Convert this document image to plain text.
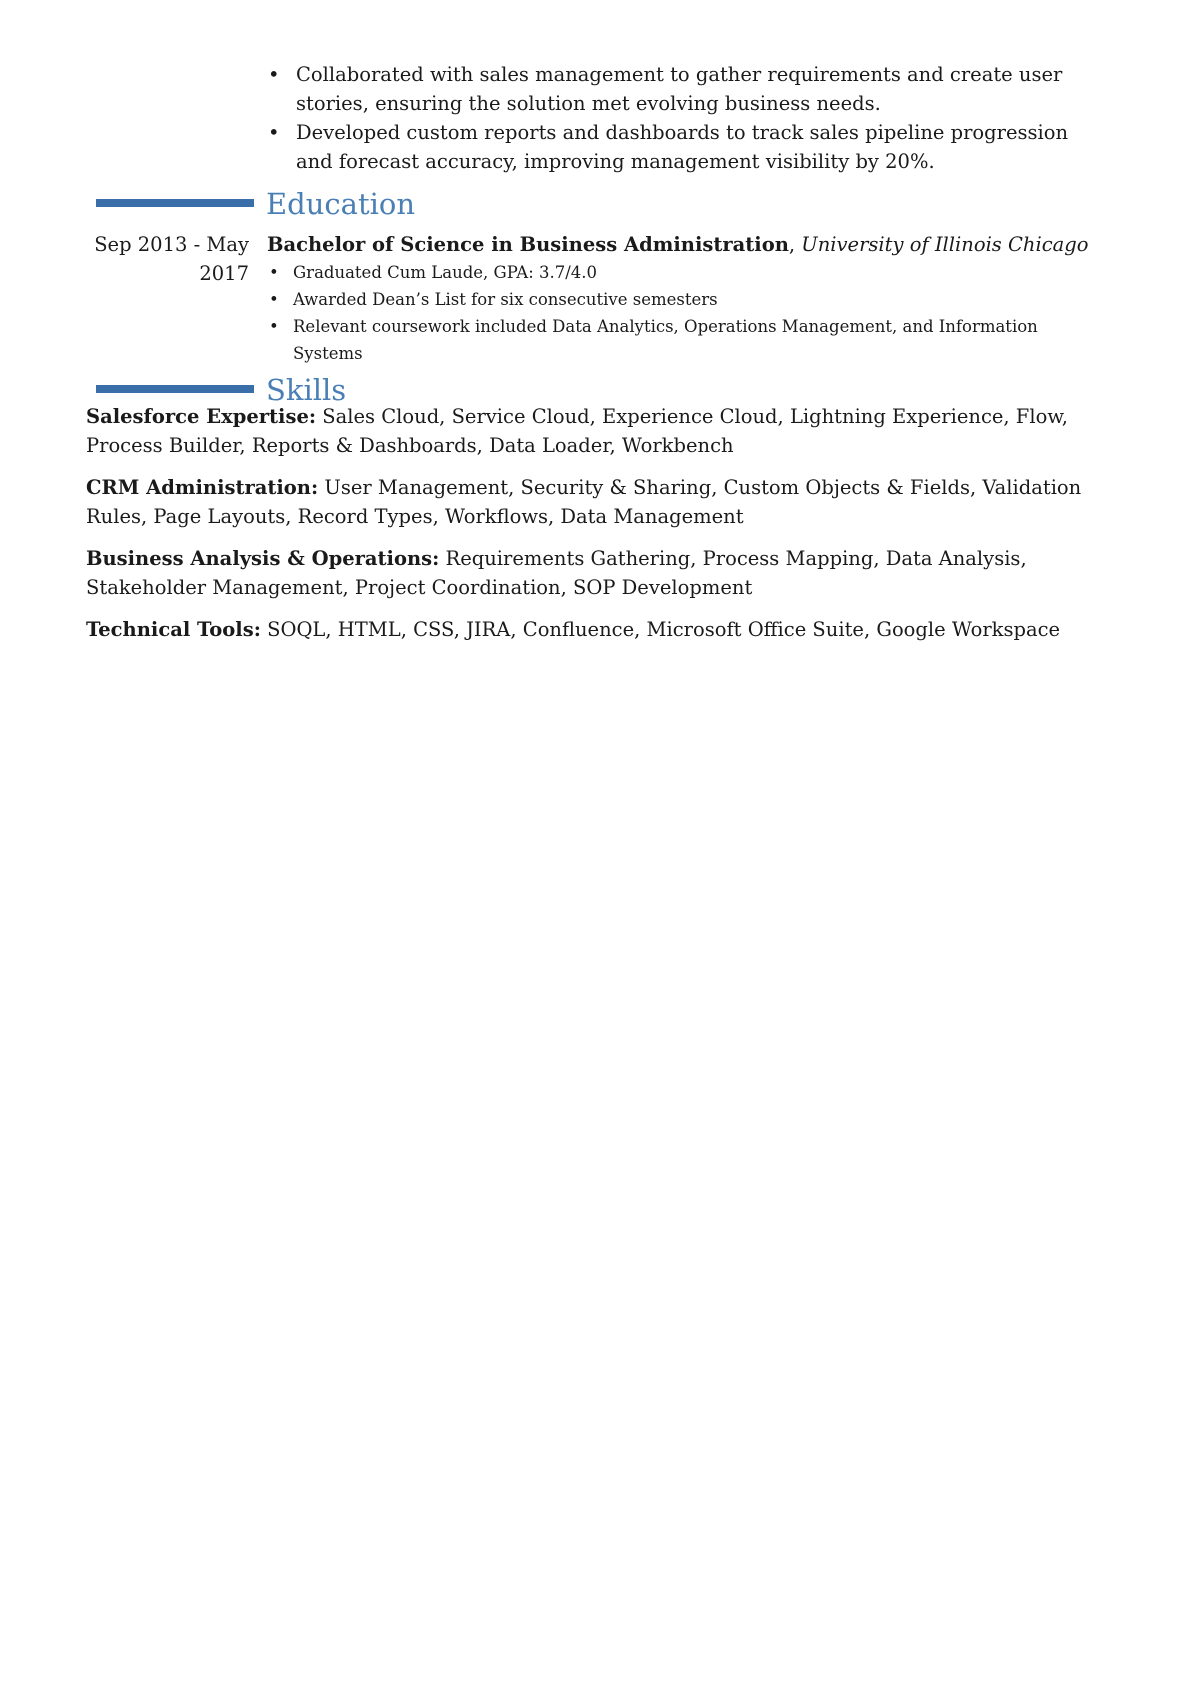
• Collaborated with sales management to gather requirements and create user stories, ensuring the solution met evolving business needs.
• Developed custom reports and dashboards to track sales pipeline progression and forecast accuracy, improving management visibility by 20%.
Education
Sep 2013 - May
2017
Bachelor of Science in Business Administration, University of Illinois Chicago
• Graduated Cum Laude, GPA: 3.7/4.0
• Awarded Dean’s List for six consecutive semesters
• Relevant coursework included Data Analytics, Operations Management, and Information Systems
Skills
Salesforce Expertise: Sales Cloud, Service Cloud, Experience Cloud, Lightning Experience, Flow, Process Builder, Reports & Dashboards, Data Loader, Workbench
CRM Administration: User Management, Security & Sharing, Custom Objects & Fields, Validation Rules, Page Layouts, Record Types, Workflows, Data Management
Business Analysis & Operations: Requirements Gathering, Process Mapping, Data Analysis, Stakeholder Management, Project Coordination, SOP Development
Technical Tools: SOQL, HTML, CSS, JIRA, Confluence, Microsoft Office Suite, Google Workspace
